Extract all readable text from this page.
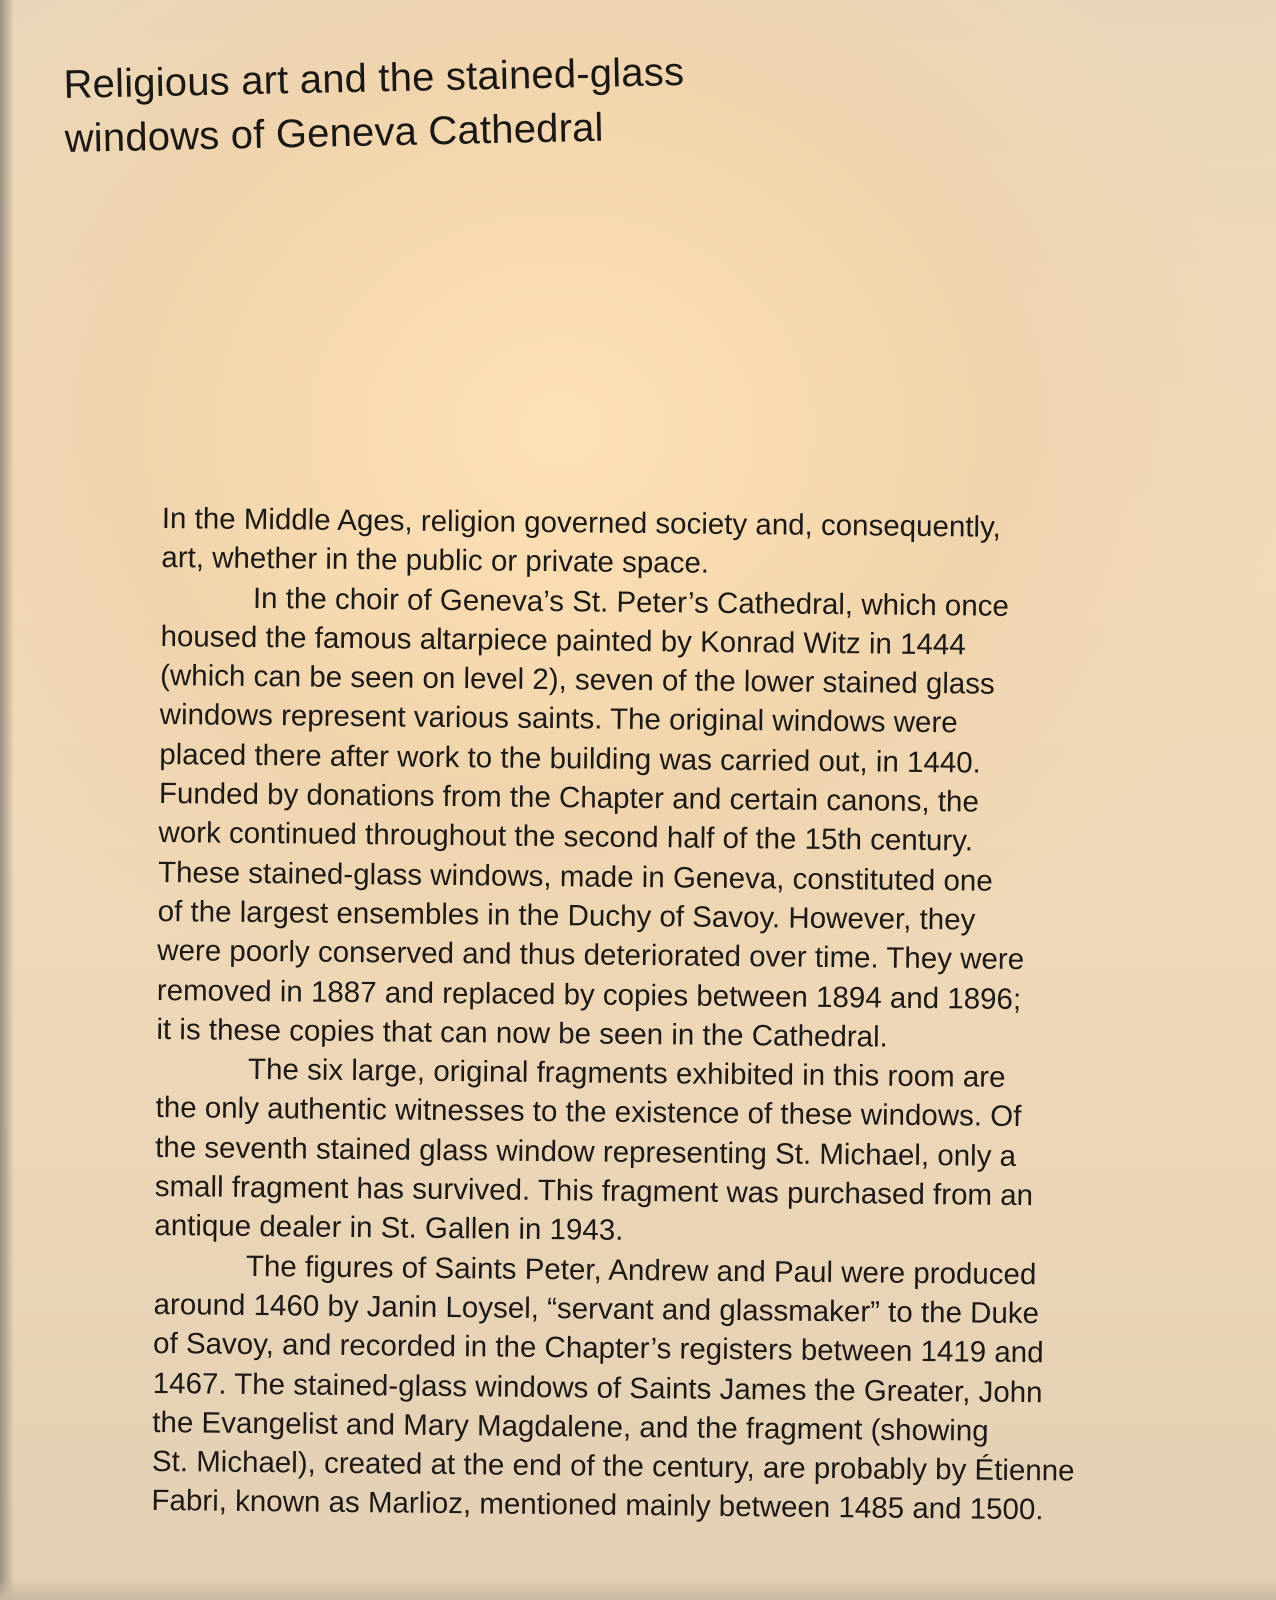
Religious art and the stained-glass
windows of Geneva Cathedral

In the Middle Ages, religion governed society and, consequently,

art, whether in the public or private space.

In the choir of Geneva’s St. Peter’s Cathedral, which once

housed the famous altarpiece painted by Konrad Witz in 1444

(which can be seen on level 2), seven of the lower stained glass

windows represent various saints. The original windows were

placed there after work to the building was carried out, in 1440.

Funded by donations from the Chapter and certain canons, the

work continued throughout the second half of the 15th century.

These stained-glass windows, made in Geneva, constituted one

of the largest ensembles in the Duchy of Savoy. However, they

were poorly conserved and thus deteriorated over time. They were

removed in 1887 and replaced by copies between 1894 and 1896;

it is these copies that can now be seen in the Cathedral.

The six large, original fragments exhibited in this room are

the only authentic witnesses to the existence of these windows. Of

the seventh stained glass window representing St. Michael, only a

small fragment has survived. This fragment was purchased from an

antique dealer in St. Gallen in 1943.

The figures of Saints Peter, Andrew and Paul were produced

around 1460 by Janin Loysel, “servant and glassmaker” to the Duke

of Savoy, and recorded in the Chapter’s registers between 1419 and

1467. The stained-glass windows of Saints James the Greater, John

the Evangelist and Mary Magdalene, and the fragment (showing

St. Michael), created at the end of the century, are probably by Étienne

Fabri, known as Marlioz, mentioned mainly between 1485 and 1500.
